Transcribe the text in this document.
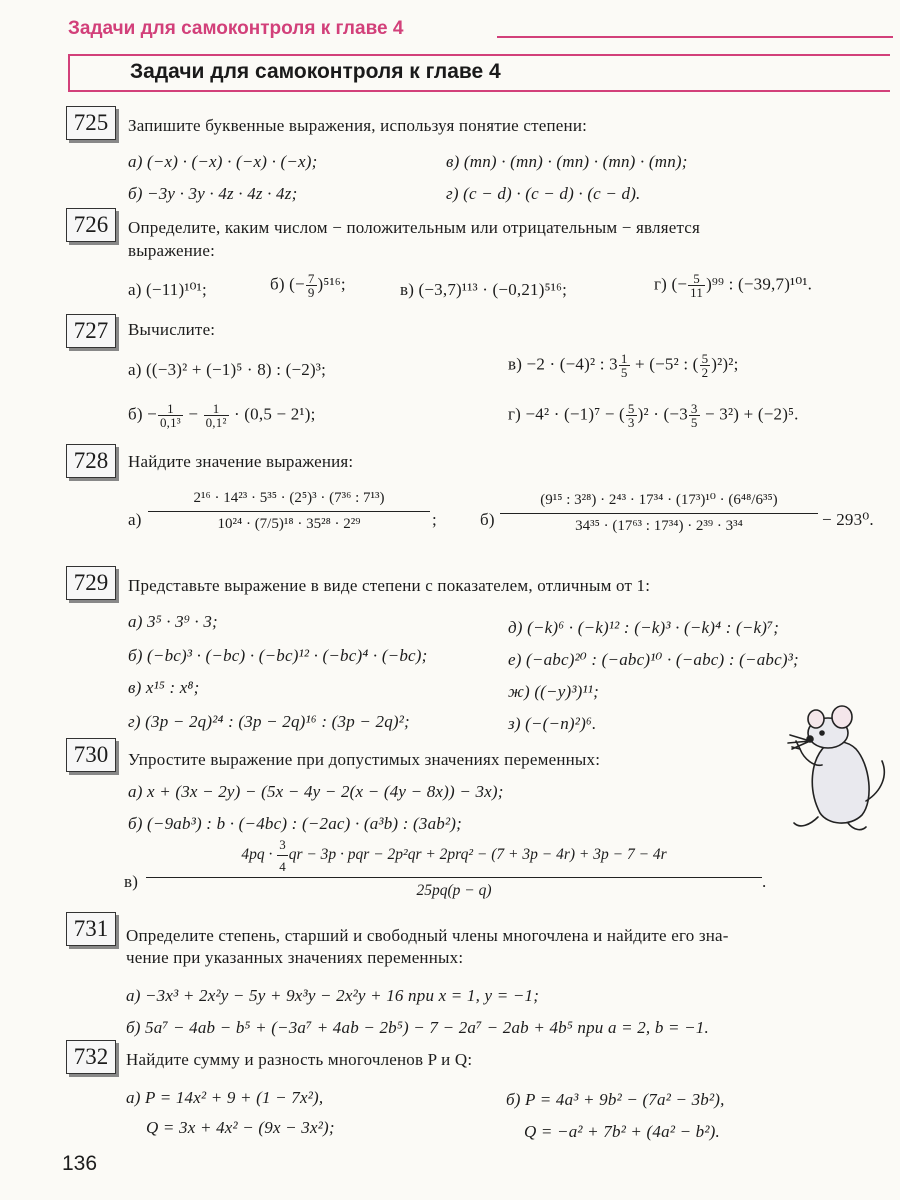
Задачи для самоконтроля к главе 4
Задачи для самоконтроля к главе 4
725	Запишите буквенные выражения, используя понятие степени:
а) (−x) · (−x) · (−x) · (−x);	в) (mn) · (mn) · (mn) · (mn) · (mn);
б) −3y · 3y · 4z · 4z · 4z;	г) (c − d) · (c − d) · (c − d).
726	Определите, каким числом − положительным или отрицательным − является
выражение:
а) (−11)¹⁰¹;	б) (− $\frac{7}{9} )^{516}$;	в) (−3,7)¹¹³ · (−0,21)⁵¹⁶;	г) (− $\frac{5}{11} )^{99}$ : (−39,7)¹⁰¹.
727	Вычислите:
а) ((−3)² + (−1)⁵ · 8) : (−2)³;	в) −2 · (−4)² : $3 \frac{1}{5} + (-5^2$ : ( $\frac{5}{2} )^2)^2$;
$б) - \frac{1}{\text{0,1³}} - \frac{1}{\text{0,1²}} \cdot (0,5 - 2^1)$;	г) −4² · (−1)⁷ − ( $\frac{5}{3} )^2 \cdot (-3 \frac{3}{5} - 3^2) + (-2)^5$.
728	Найдите значение выражения:
а)
2¹⁶ · 14²³ · 5³⁵ · (2⁵)³ · (7³⁶ : 7¹³)
10²⁴ · (7/5)¹⁸ · 35²⁸ · 2²⁹	;	б)
(9¹⁵ : 3²⁸) · 2⁴³ · 17³⁴ · (17³)¹⁰ · (6⁴⁸/6³⁵)
34³⁵ · (17⁶³ : 17³⁴) · 2³⁹ · 3³⁴	− 293⁰.
729	Представьте выражение в виде степени с показателем, отличным от 1:
а) 3⁵ · 3⁹ · 3;	д) (−k)⁶ · (−k)¹² : (−k)³ · (−k)⁴ : (−k)⁷;
б) (−bc)³ · (−bc) · (−bc)¹² · (−bc)⁴ · (−bc);	е) (−abc)²⁰ : (−abc)¹⁰ · (−abc) : (−abc)³;
в) x¹⁵ : x⁸;	ж) ((−y)³)¹¹;
г) (3p − 2q)²⁴ : (3p − 2q)¹⁶ : (3p − 2q)²;	з) (−(−n)²)⁶.
730	Упростите выражение при допустимых значениях переменных:
а) x + (3x − 2y) − (5x − 4y − 2(x − (4y − 8x)) − 3x);
б) (−9ab³) : b · (−4bc) : (−2ac) · (a³b) : (3ab²);
в)
$4pq \cdot \frac{3}{4}$ qr − 3p · pqr − 2p²qr + 2prq² − (7 + 3p − 4r) + 3p − 7 − 4r
25pq(p − q)	.
731	Определите степень, старший и свободный члены многочлена и найдите его зна-
чение при указанных значениях переменных:
а) −3x³ + 2x²y − 5y + 9x³y − 2x²y + 16 при x = 1, y = −1;
б) 5a⁷ − 4ab − b⁵ + (−3a⁷ + 4ab − 2b⁵) − 7 − 2a⁷ − 2ab + 4b⁵ при a = 2, b = −1.
732	Найдите сумму и разность многочленов P и Q:
а) P = 14x² + 9 + (1 − 7x²),
Q = 3x + 4x² − (9x − 3x²);
б) P = 4a³ + 9b² − (7a² − 3b²),
Q = −a² + 7b² + (4a² − b²).
136
